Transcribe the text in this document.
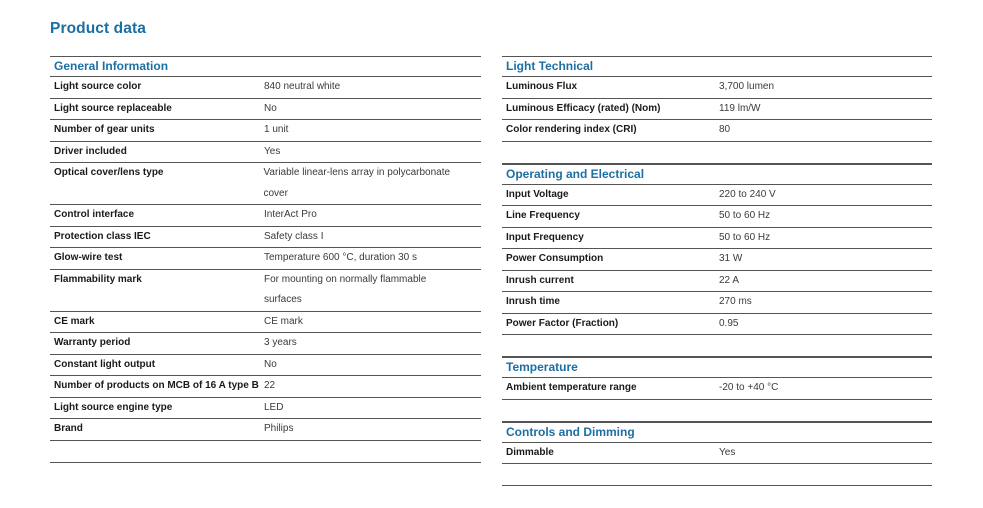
Product data
General Information
Light source color	840 neutral white
Light source replaceable	No
Number of gear units	1 unit
Driver included	Yes
Optical cover/lens type	Variable linear-lens array in polycarbonate cover
Control interface	InterAct Pro
Protection class IEC	Safety class I
Glow-wire test	Temperature 600 °C, duration 30 s
Flammability mark	For mounting on normally flammable surfaces
CE mark	CE mark
Warranty period	3 years
Constant light output	No
Number of products on MCB of 16 A type B 22
Light source engine type	LED
Brand	Philips
Light Technical
Luminous Flux	3,700 lumen
Luminous Efficacy (rated) (Nom)	119 lm/W
Color rendering index (CRI)	80
Operating and Electrical
Input Voltage	220 to 240 V
Line Frequency	50 to 60 Hz
Input Frequency	50 to 60 Hz
Power Consumption	31 W
Inrush current	22 A
Inrush time	270 ms
Power Factor (Fraction)	0.95
Temperature
Ambient temperature range	-20 to +40 °C
Controls and Dimming
Dimmable	Yes
